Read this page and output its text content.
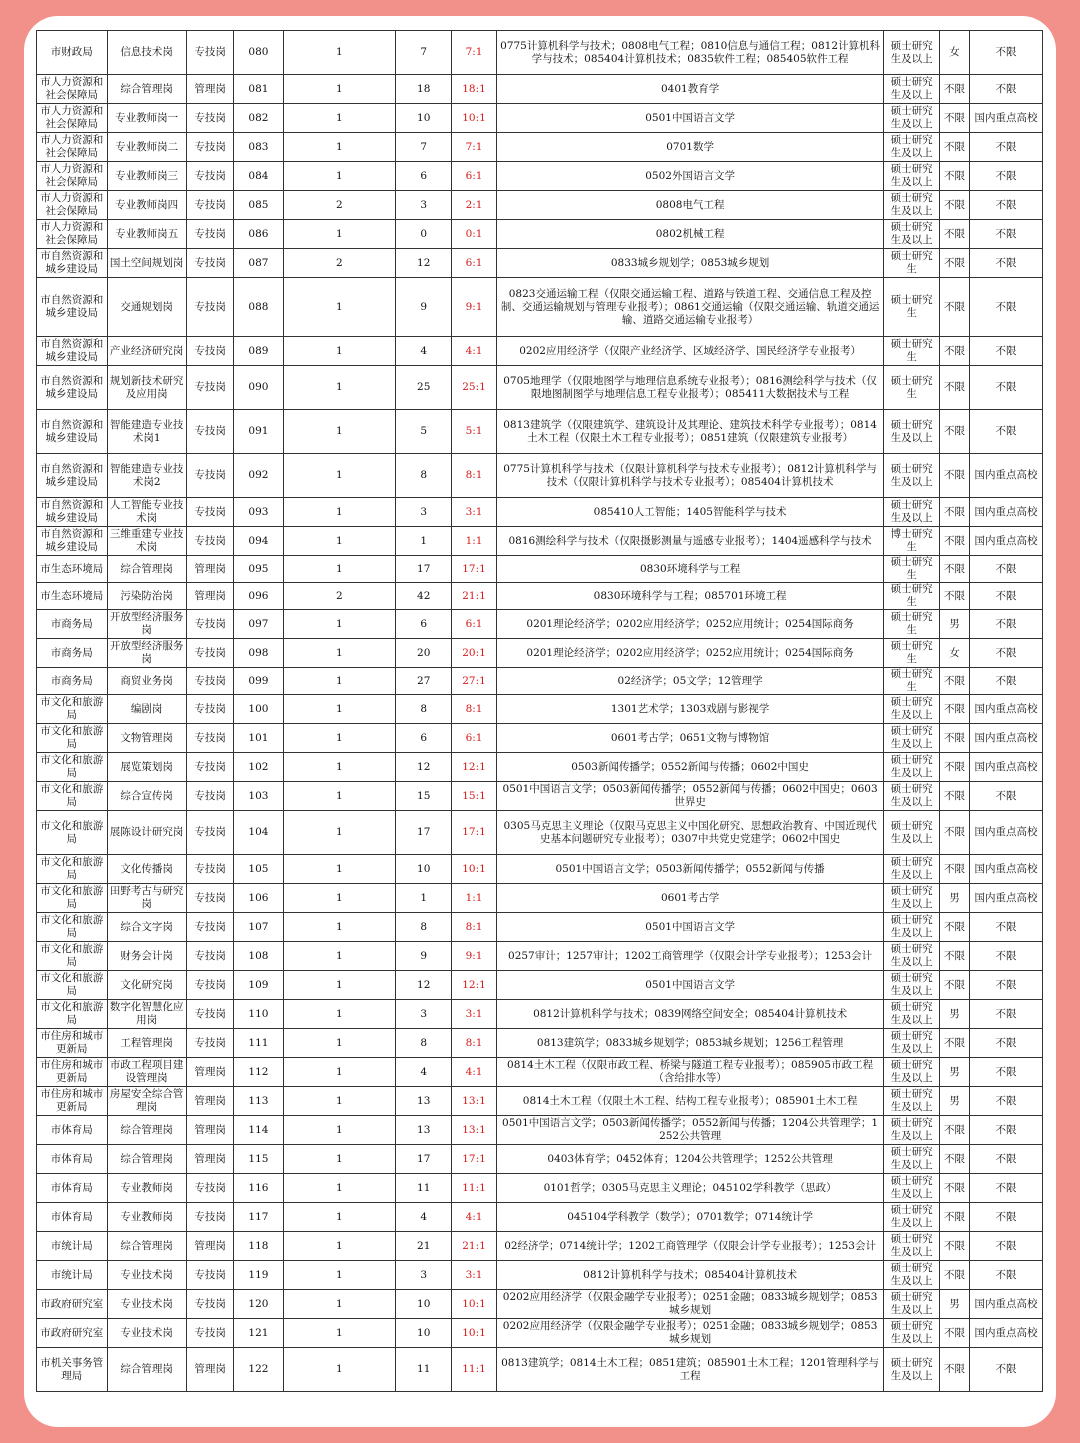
市财政局	信息技术岗	专技岗	080	1	7	7:1	0775计算机科学与技术；0808电气工程；0810信息与通信工程；0812计算机科学与技术；085404计算机技术；0835软件工程；085405软件工程	硕士研究生及以上	女	不限
市人力资源和社会保障局	综合管理岗	管理岗	081	1	18	18:1	0401教育学	硕士研究生及以上	不限	不限
市人力资源和社会保障局	专业教师岗一	专技岗	082	1	10	10:1	0501中国语言文学	硕士研究生及以上	不限	国内重点高校
市人力资源和社会保障局	专业教师岗二	专技岗	083	1	7	7:1	0701数学	硕士研究生及以上	不限	不限
市人力资源和社会保障局	专业教师岗三	专技岗	084	1	6	6:1	0502外国语言文学	硕士研究生及以上	不限	不限
市人力资源和社会保障局	专业教师岗四	专技岗	085	2	3	2:1	0808电气工程	硕士研究生及以上	不限	不限
市人力资源和社会保障局	专业教师岗五	专技岗	086	1	0	0:1	0802机械工程	硕士研究生及以上	不限	不限
市自然资源和城乡建设局	国土空间规划岗	专技岗	087	2	12	6:1	0833城乡规划学；0853城乡规划	硕士研究生	不限	不限
市自然资源和城乡建设局	交通规划岗	专技岗	088	1	9	9:1	0823交通运输工程（仅限交通运输工程、道路与铁道工程、交通信息工程及控制、交通运输规划与管理专业报考）；0861交通运输（仅限交通运输、轨道交通运输、道路交通运输专业报考）	硕士研究生	不限	不限
市自然资源和城乡建设局	产业经济研究岗	专技岗	089	1	4	4:1	0202应用经济学（仅限产业经济学、区域经济学、国民经济学专业报考）	硕士研究生	不限	不限
市自然资源和城乡建设局	规划新技术研究及应用岗	专技岗	090	1	25	25:1	0705地理学（仅限地图学与地理信息系统专业报考）；0816测绘科学与技术（仅限地图制图学与地理信息工程专业报考）；085411大数据技术与工程	硕士研究生	不限	不限
市自然资源和城乡建设局	智能建造专业技术岗1	专技岗	091	1	5	5:1	0813建筑学（仅限建筑学、建筑设计及其理论、建筑技术科学专业报考）；0814土木工程（仅限土木工程专业报考）；0851建筑（仅限建筑专业报考）	硕士研究生及以上	不限	不限
市自然资源和城乡建设局	智能建造专业技术岗2	专技岗	092	1	8	8:1	0775计算机科学与技术（仅限计算机科学与技术专业报考）；0812计算机科学与技术（仅限计算机科学与技术专业报考）；085404计算机技术	硕士研究生及以上	不限	国内重点高校
市自然资源和城乡建设局	人工智能专业技术岗	专技岗	093	1	3	3:1	085410人工智能；1405智能科学与技术	硕士研究生及以上	不限	国内重点高校
市自然资源和城乡建设局	三维重建专业技术岗	专技岗	094	1	1	1:1	0816测绘科学与技术（仅限摄影测量与遥感专业报考）；1404遥感科学与技术	博士研究生	不限	国内重点高校
市生态环境局	综合管理岗	管理岗	095	1	17	17:1	0830环境科学与工程	硕士研究生	不限	不限
市生态环境局	污染防治岗	管理岗	096	2	42	21:1	0830环境科学与工程；085701环境工程	硕士研究生	不限	不限
市商务局	开放型经济服务岗	专技岗	097	1	6	6:1	0201理论经济学；0202应用经济学；0252应用统计；0254国际商务	硕士研究生	男	不限
市商务局	开放型经济服务岗	专技岗	098	1	20	20:1	0201理论经济学；0202应用经济学；0252应用统计；0254国际商务	硕士研究生	女	不限
市商务局	商贸业务岗	专技岗	099	1	27	27:1	02经济学；05文学；12管理学	硕士研究生	不限	不限
市文化和旅游局	编剧岗	专技岗	100	1	8	8:1	1301艺术学；1303戏剧与影视学	硕士研究生及以上	不限	国内重点高校
市文化和旅游局	文物管理岗	专技岗	101	1	6	6:1	0601考古学；0651文物与博物馆	硕士研究生及以上	不限	国内重点高校
市文化和旅游局	展览策划岗	专技岗	102	1	12	12:1	0503新闻传播学；0552新闻与传播；0602中国史	硕士研究生及以上	不限	国内重点高校
市文化和旅游局	综合宣传岗	专技岗	103	1	15	15:1	0501中国语言文学；0503新闻传播学；0552新闻与传播；0602中国史；0603世界史	硕士研究生及以上	不限	不限
市文化和旅游局	展陈设计研究岗	专技岗	104	1	17	17:1	0305马克思主义理论（仅限马克思主义中国化研究、思想政治教育、中国近现代史基本问题研究专业报考）；0307中共党史党建学；0602中国史	硕士研究生及以上	不限	国内重点高校
市文化和旅游局	文化传播岗	专技岗	105	1	10	10:1	0501中国语言文学；0503新闻传播学；0552新闻与传播	硕士研究生及以上	不限	国内重点高校
市文化和旅游局	田野考古与研究岗	专技岗	106	1	1	1:1	0601考古学	硕士研究生及以上	男	国内重点高校
市文化和旅游局	综合文字岗	专技岗	107	1	8	8:1	0501中国语言文学	硕士研究生及以上	不限	不限
市文化和旅游局	财务会计岗	专技岗	108	1	9	9:1	0257审计；1257审计；1202工商管理学（仅限会计学专业报考）；1253会计	硕士研究生及以上	不限	不限
市文化和旅游局	文化研究岗	专技岗	109	1	12	12:1	0501中国语言文学	硕士研究生及以上	不限	不限
市文化和旅游局	数字化智慧化应用岗	专技岗	110	1	3	3:1	0812计算机科学与技术；0839网络空间安全；085404计算机技术	硕士研究生及以上	男	不限
市住房和城市更新局	工程管理岗	专技岗	111	1	8	8:1	0813建筑学；0833城乡规划学；0853城乡规划；1256工程管理	硕士研究生及以上	不限	不限
市住房和城市更新局	市政工程项目建设管理岗	管理岗	112	1	4	4:1	0814土木工程（仅限市政工程、桥梁与隧道工程专业报考）；085905市政工程（含给排水等）	硕士研究生及以上	男	不限
市住房和城市更新局	房屋安全综合管理岗	管理岗	113	1	13	13:1	0814土木工程（仅限土木工程、结构工程专业报考）；085901土木工程	硕士研究生及以上	男	不限
市体育局	综合管理岗	管理岗	114	1	13	13:1	0501中国语言文学；0503新闻传播学；0552新闻与传播；1204公共管理学；1252公共管理	硕士研究生及以上	不限	不限
市体育局	综合管理岗	管理岗	115	1	17	17:1	0403体育学；0452体育；1204公共管理学；1252公共管理	硕士研究生及以上	不限	不限
市体育局	专业教师岗	专技岗	116	1	11	11:1	0101哲学；0305马克思主义理论；045102学科教学（思政）	硕士研究生及以上	不限	不限
市体育局	专业教师岗	专技岗	117	1	4	4:1	045104学科教学（数学）；0701数学；0714统计学	硕士研究生及以上	不限	不限
市统计局	综合管理岗	管理岗	118	1	21	21:1	02经济学；0714统计学；1202工商管理学（仅限会计学专业报考）；1253会计	硕士研究生及以上	不限	不限
市统计局	专业技术岗	专技岗	119	1	3	3:1	0812计算机科学与技术；085404计算机技术	硕士研究生及以上	不限	不限
市政府研究室	专业技术岗	专技岗	120	1	10	10:1	0202应用经济学（仅限金融学专业报考）；0251金融；0833城乡规划学；0853城乡规划	硕士研究生及以上	男	国内重点高校
市政府研究室	专业技术岗	专技岗	121	1	10	10:1	0202应用经济学（仅限金融学专业报考）；0251金融；0833城乡规划学；0853城乡规划	硕士研究生及以上	不限	国内重点高校
市机关事务管理局	综合管理岗	管理岗	122	1	11	11:1	0813建筑学；0814土木工程；0851建筑；085901土木工程；1201管理科学与工程	硕士研究生及以上	不限	不限
